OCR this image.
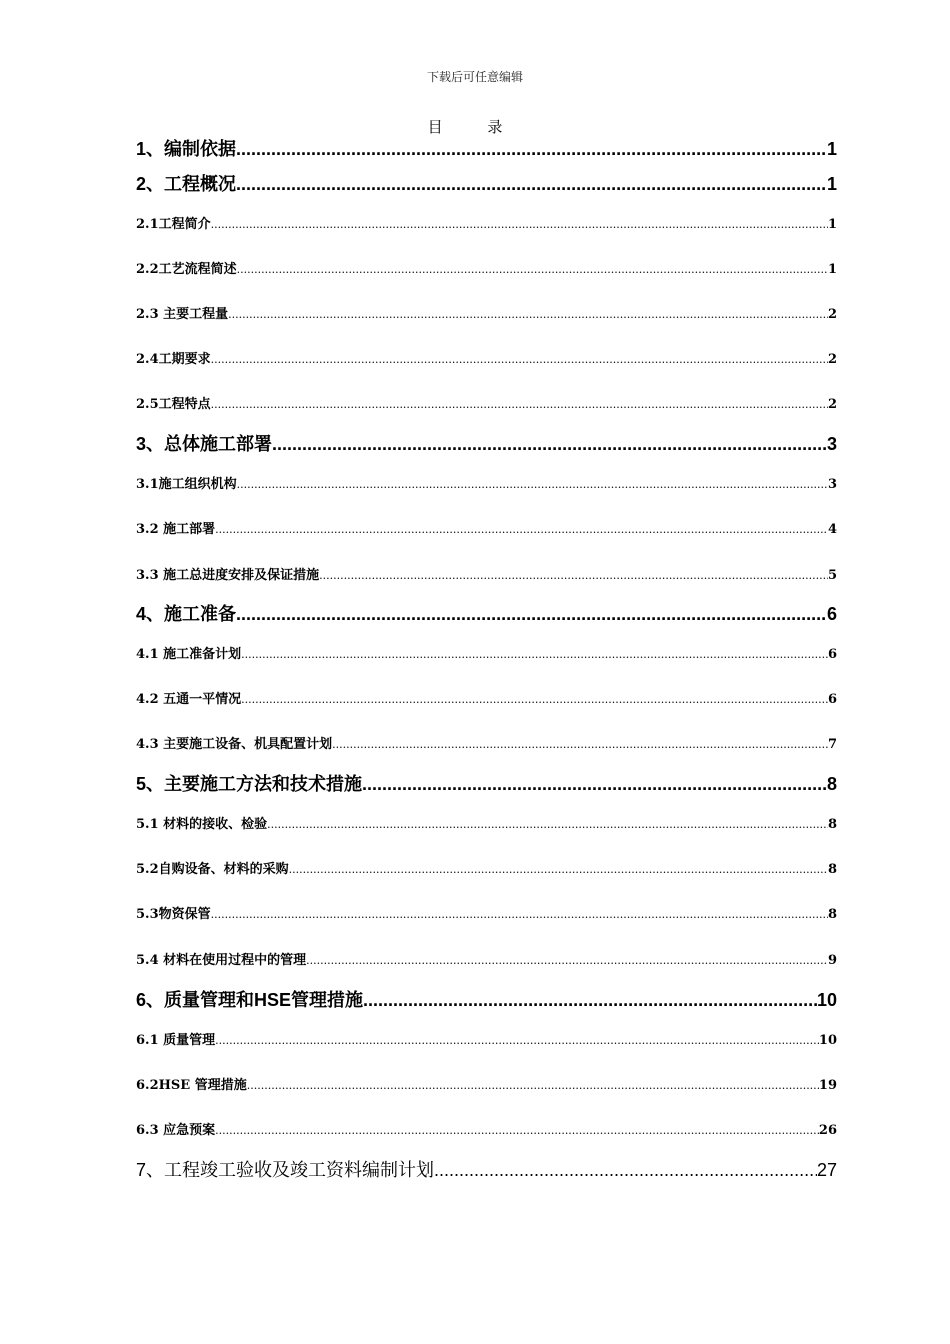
下载后可任意编辑
目 录
1、编制依据 .....	1
2、工程概况 .....	1
2.1工程简介 .....	1
2.2工艺流程简述 .....	1
2.3 主要工程量 .....	2
2.4工期要求 .....	2
2.5工程特点 .....	2
3、总体施工部署 .....	3
3.1施工组织机构 .....	3
3.2 施工部署 .....	4
3.3 施工总进度安排及保证措施 .....	5
4、施工准备 .....	6
4.1 施工准备计划 .....	6
4.2 五通一平情况 .....	6
4.3 主要施工设备、机具配置计划 .....	7
5、主要施工方法和技术措施 .....	8
5.1 材料的接收、检验 .....	8
5.2自购设备、材料的采购 .....	8
5.3物资保管 .....	8
5.4 材料在使用过程中的管理 .....	9
6、质量管理和HSE管理措施 .....	10
6.1 质量管理 .....	10
6.2HSE 管理措施 .....	19
6.3 应急预案 .....	26
7、工程竣工验收及竣工资料编制计划 .....	27
